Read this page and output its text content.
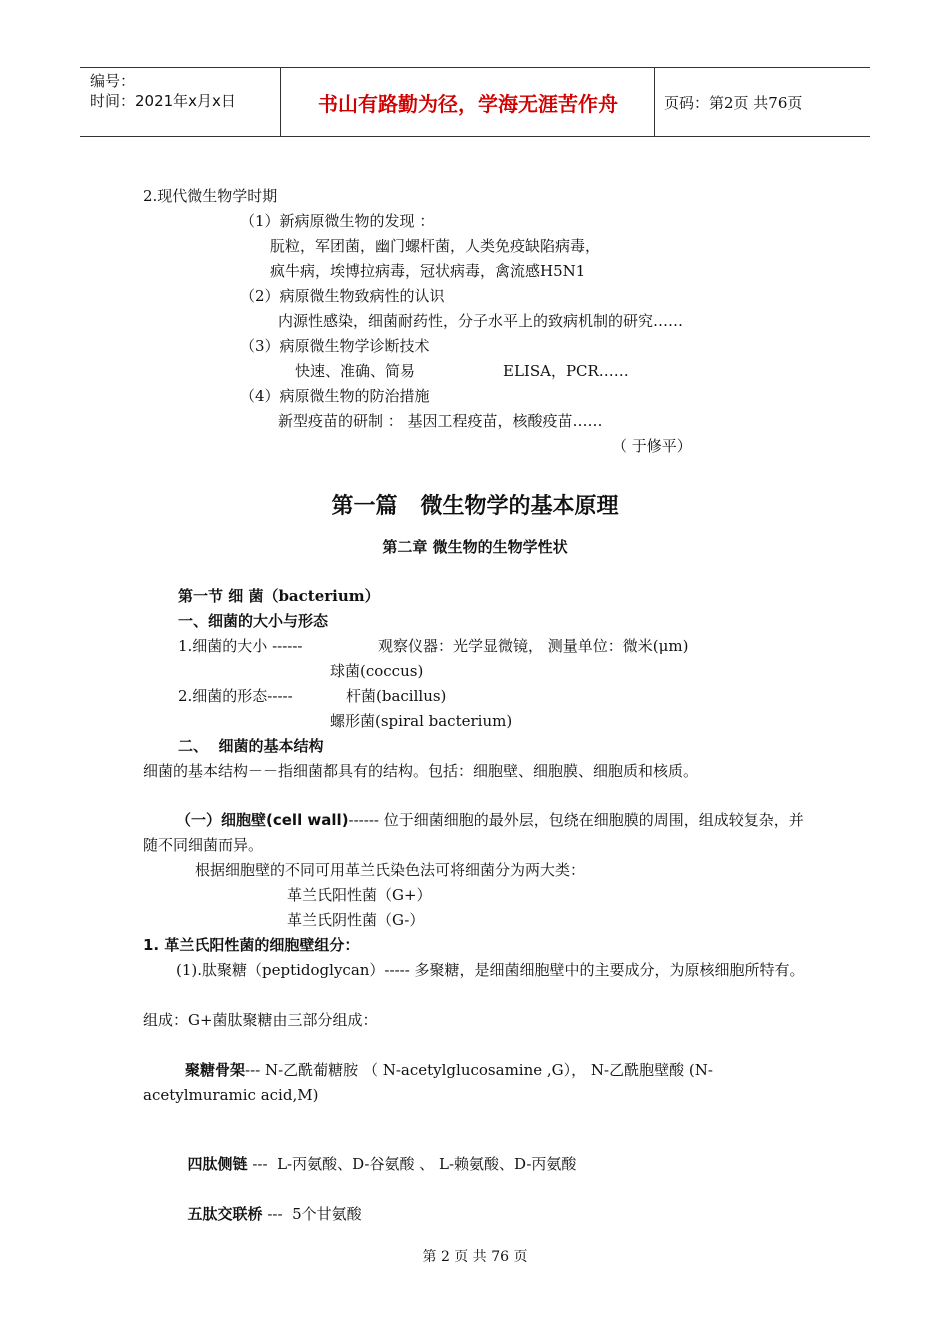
编号：
时间：2021年x月x日	书山有路勤为径，学海无涯苦作舟	页码：第2页 共76页
2.现代微生物学时期
（1）新病原微生物的发现 ：
朊粒，军团菌，幽门螺杆菌，人类免疫缺陷病毒，
疯牛病，埃博拉病毒，冠状病毒，禽流感H5N1
（2）病原微生物致病性的认识
内源性感染，细菌耐药性，分子水平上的致病机制的研究……
（3）病原微生物学诊断技术
快速、准确、简易	ELISA，PCR……
（4）病原微生物的防治措施
新型疫苗的研制 ： 基因工程疫苗，核酸疫苗……
（ 于修平）
第一篇   微生物学的基本原理
第二章 微生物的生物学性状
第一节 细 菌（bacterium）
一、细菌的大小与形态
1.细菌的大小 ------	观察仪器：光学显微镜， 测量单位：微米(μm)
球菌(coccus)
2.细菌的形态-----	杆菌(bacillus)
螺形菌(spiral bacterium)
二、  细菌的基本结构
细菌的基本结构－－指细菌都具有的结构。包括：细胞壁、细胞膜、细胞质和核质。
（一）细胞壁(cell wall)------ 位于细菌细胞的最外层，包绕在细胞膜的周围，组成较复杂，并随不同细菌而异。
根据细胞壁的不同可用革兰氏染色法可将细菌分为两大类：
革兰氏阳性菌（G+）
革兰氏阴性菌（G-）
1. 革兰氏阳性菌的细胞壁组分：
(1).肽聚糖（peptidoglycan）----- 多聚糖，是细菌细胞壁中的主要成分，为原核细胞所特有。
组成：G+菌肽聚糖由三部分组成：
聚糖骨架--- N-乙酰葡糖胺 （ N-acetylglucosamine ,G）， N-乙酰胞壁酸 (N-acetylmuramic acid,M)

四肽侧链 ---  L-丙氨酸、D-谷氨酸 、 L-赖氨酸、D-丙氨酸

五肽交联桥 ---  5个甘氨酸

第 2 页 共 76 页
